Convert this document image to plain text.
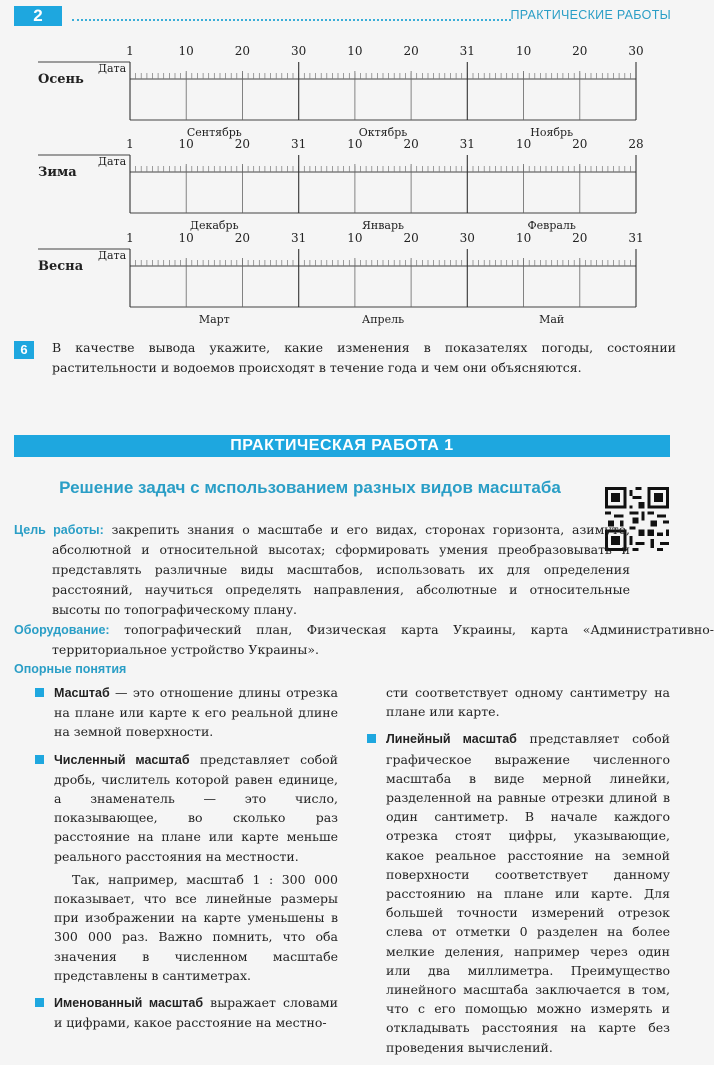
2	ПРАКТИЧЕСКИЕ РАБОТЫ
1	10	20	30	10	20	31	10	20	30
Сентябрь	Октябрь	Ноябрь
Осень
Дата
1	10	20	31	10	20	31	10	20	28
Декабрь	Январь	Февраль
Зима
Дата
1	10	20	31	10	20	30	10	20	31
Март	Апрель	Май
Весна
Дата
6	В качестве вывода укажите, какие изменения в показателях погоды, состоянии растительности и водоемов происходят в течение года и чем они объясняются.
ПРАКТИЧЕСКАЯ РАБОТА 1
Решение задач с мспользованием разных видов масштаба
Цель работы: закрепить знания о масштабе и его видах, сторонах горизонта, азимуте, абсолютной и относительной высотах; сформировать умения преобразовывать и представлять различные виды масштабов, использовать их для определения расстояний, научиться определять направления, абсолютные и относительные высоты по топографическому плану.
Оборудование: топографический план, Физическая карта Украины, карта «Административно-территориальное устройство Украины».
Опорные понятия

Масштаб — это отношение длины отрезка на плане или карте к его реальной длине на земной поверхности.

Численный масштаб представляет собой дробь, числитель которой равен единице, а знаменатель — это число, показывающее, во сколько раз расстояние на плане или карте меньше реального расстояния на местности.

Так, например, масштаб 1 : 300 000 показывает, что все линейные размеры при изображении на карте уменьшены в 300 000 раз. Важно помнить, что оба значения в численном масштабе представлены в сантиметрах.

Именованный масштаб выражает словами и цифрами, какое расстояние на местно-

сти соответствует одному сантиметру на плане или карте.

Линейный масштаб представляет собой графическое выражение численного масштаба в виде мерной линейки, разделенной на равные отрезки длиной в один сантиметр. В начале каждого отрезка стоят цифры, указывающие, какое реальное расстояние на земной поверхности соответствует данному расстоянию на плане или карте. Для большей точности измерений отрезок слева от отметки 0 разделен на более мелкие деления, например через один или два миллиметра. Преимущество линейного масштаба заключается в том, что с его помощью можно измерять и откладывать расстояния на карте без проведения вычислений.
